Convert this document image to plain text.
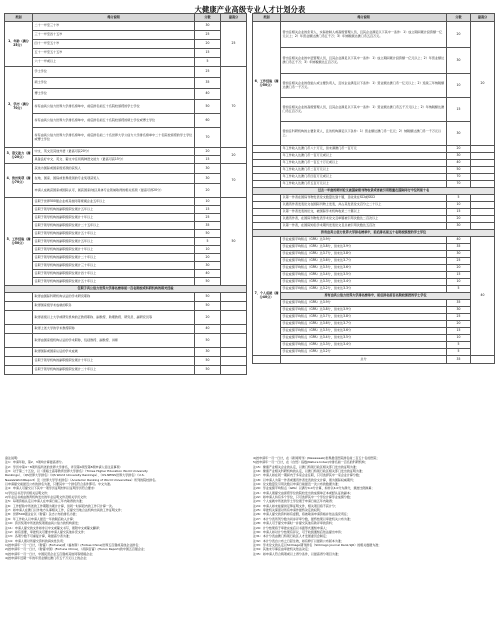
大健康产业高级专业人才计划分表
类别	得分说明	分数	最高分
1、年龄（满分25分）	二十一岁至三十岁	30	25
	三十一岁至四十五岁	25	
	四十一岁至五十岁	20	
	五十一岁至五十五岁	15	
	六十一岁或以上	5	
2、学历（满分70分）	学士学位	25	70
	硕士学位	35	
	博士学位	40	
	持有由具公信力世界大学排名榜单中，前后排名前五十名院校颁授的学士学位	50	
	持有由具公信力世界大学排名榜单中，前后排名前五十名院校颁授的硕士学位或博士学位	60	
	持有由具公信力世界大学排名榜单中，前后排名前二十名世界大学公信力大学排名榜单中二十名院校颁授的学士学位或博士学位	70	
3、语文能力（满分20分）	中文、英文及其他外语（最高可获20分）	20	20
	具备良好中文、英文、葡文中任何两种语文能力（最高可获15分）	15	
4、资历奖项（满分70分）	获选为国际或国家级奖项的获奖人	30	70
	在地、国家、国际或世界级别的专业奖项获奖人	30	
	申请人成就获国家或国际认可，属获国家/地区具体专业领域取得的相关奖项（最高可得20分）	20	
5、工作经验（满分50分）	任职于世界500强企业或其他同等规模企业五年以上	10	50
	任职于领导机构的副职级职位累计五年以上	15	
	任职于领导机构的副职级职位累计十年以上	25	
	任职于领导机构的副职级职位累计二十五年以上	35	
	任职于领导机构的副职级职位累计五十年以上	50	
	任职于领导机构的副职级职位累计五年以上	5	
	任职于领导机构的副职级职位累计十年以上	10	
	任职于领导机构的副职级职位累计二十年以上	20	
	任职于领导机构的副职级职位累计三十年以上	30	
	任职于领导机构的副职级职位累计四十年以上	40	
	任职于领导机构的副职级职位累计五十年以上	50	
任职于具公信力世界大学排名榜单前一百名院校或科研机构的相关经验			
	取得由国际科研机构认证的学术研究职称	50	
	取得国家级学术成就的职务	50	
	取得省级以上大学或研究机构的正教授职称、副教授、助理教授、研究员、副研究员等	20	
	取得上述大学的学术教授职称	40	
	取得由国家级机构认证的学术职称，包括教授、副教授、讲师	50	
	取得国际或国家认证的学术成就	30	
	任职于领导机构的副职级职位累计十年以上	50	
	任职于领导机构的副职级职位累计二十年以上	50	
类别	得分说明	分数	最高分
6、工作经验（满分50分）	曾出任相关企业的负责人，实际控制人或高级管理人员，且其企业满足以下其中一条件：1）成立期间累计投资额一亿元以上；2）年营业额达澳门币五千万；3）年纳税额达澳门币五百万元。	20	20
	曾出任相关企业的中层管理人员，且其企业满足以下其中一条件：1）成立期间累计投资额一亿元以上；2）年营业额达澳门币五千万；3）年纳税额达五百万元。	30	
	曾担任相关企业的创始人或主要负责人，且该企业满足以下条件：1）营业额达澳门币一亿元以上；2）连续三年纳税额达澳门币一千万元。	10	
	曾担任相关企业的高级管理人员，且其企业满足以下其中一条件：1）营业额达澳门币五千万元以上；2）年纳税额达澳门币五百万元。	15	
	曾担任科研机构的主要负责人，且该机构满足以下条件：1）营业额达澳门币一亿元；2）纳税额达澳门币一千万元以上。	30	
	年工作收入达澳门币八十万元，但未满澳门币一百万元	20	
	年工作收入达澳门币一百万元或以上	30	
	年工作收入达澳门币一百五十万元或以上	40	
	年工作收入达澳门币二百万元以上	50	
	年工作收入达澳门币四百万元或以上	70	
	年工作收入达澳门币五百万元以上	70	
过去一年度的期刊论文被国家级刊物收录或者被引用数量在国际同行中位列前十名			
	以第一作者在国际刊物发表论文数量达到十篇，且收录在SCI或SSCI	5	
	以通讯作者发表论文在国际刊物上发表，并占其发表论文百分之二十以上	10	
	以第一作者发表的论文，被国际学术机构收录二十篇以上	15	
	以通讯作者，在国际刊物发表学术论文且单篇被引用次数达二百次以上	20	
	以第一作者，在国际知名学术期刊发表论文且总被引用次数达五百次	30	
持有由具公信力世界大学排名榜单中，前后排名前五十名院校颁授的学士学位			
7、个人成就（满分40分）	学业成绩平均积点（GPA）达3.9分	40	40
	学业成绩平均积点（GPA）达3.8分，但未达3.9分	35	
	学业成绩平均积点（GPA）达3.7分，但未达3.8分	30	
	学业成绩平均积点（GPA）达3.6分，但未达3.7分	25	
	学业成绩平均积点（GPA）达3.5分，但未达3.6分	20	
	学业成绩平均积点（GPA）达3.4分，但未达3.5分	15	
	学业成绩平均积点（GPA）达3.3分，但未达3.4分	10	
	学业成绩平均积点（GPA）达3.2分，但未达3.3分	5	
	持有由具公信力世界大学排名榜单中，前后排名前百名院校颁授的学士学位		
	学业成绩平均积点（GPA）达3.9分	35	
	学业成绩平均积点（GPA）达3.8分，但未达3.9分	30	
	学业成绩平均积点（GPA）达3.7分，但未达3.8分	25	
	学业成绩平均积点（GPA）达3.6分，但未达3.7分	20	
	学业成绩平均积点（GPA）达3.5分，但未达3.6分	15	
	学业成绩平均积点（GPA）达3.4分，但未达3.5分	10	
	学业成绩平均积点（GPA）达3.3分，但未达3.4分	5	
	学业成绩平均积点（GPA）达3.2分	5	
	总分	35	
备注说明：
注1：申请年龄，第2、3项均计算最高得分。
注2：学历中第4～8项所指所述的世界大学排名，详见第4项至第8项申请人需注意事项：
注3：对于第二十五位，以《泰晤士高等教育世界大学排名》（Times Higher Education World University
Rankings）、《QS世界大学排名》（QS World University Rankings）、《US.NEWS世界大学排名》（U.S.
News&WorldReport）及《世界大学学术排名》（Academic Ranking of World Universities）所列的院校排名。
以申请提交前最近公布的排名为准，只要其中一个排名符合条件即可。中文为准。
注4：申请人可提交以下其中一项学历证明材料以证明学历符合要求：
1)学位证书及学历相关证明文件；
2)毕业证书或由教育机构发出的毕业证明文件及相关学历文件；
注5：每项资格认定以申请人在申请日前三年内取得的为准；
注6：工作经验中所述的工作期限为累计计算，但同一时间段内的工作只计算一次。
注7：如申请人在澳门以外地方从事相关工作，应提交当地合法机构出具的工作证明文件；
注8：世界500强企业以《财富》杂志公布的排名为准；
注9：年工作收入以申请人最近一年的税后收入计算；
注10：资历奖项中所述的奖项须由具公信力的机构颁发；
注11：申请人提交的文件如非以中文或葡文书写，须附中文或葡文翻译；
注12：如有需要，审批机关可要求申请人提交其他补充文件；
注13：各项分数不可重复计算，取最高分者为准；
注14：申请人须对所提交资料的真实性负责；
1)按申请年一月一日计，《财富》(Fortune)或《福布斯》(Forbes China)世界五百强或其他企业排名；
2)按申请年一月一日计，《财富中国》(Fortune China)、《胡润百富》(Hurun Report)的中国五百强企业；
3)按申请年一月一日计，中国民营企业五百强或其他同等规模企业；
4)按申请年近期一年的年营业额达澳门币五千万元以上的企业；
4)按申请年一月一日计，在《新闻周刊》(Newsweek)世界最佳医院排名前二百五十名的医院；
5)按申请年一月一日计，在《自然》指数(Nature Index)中排名前一百名的科研机构；
注15：健康产业相关企业的认定，以澳门特别行政区相关部门发出的证明为准；
注16：健康产业相关科研机构的认定，以澳门特别行政区相关部门发出的证明为准；
注17：申请人如在同一期间内于多家企业任职，只可选择其中一家企业计算分数；
注18：以申请人为第一作者或通讯作者发表的论文计算，须为国际权威期刊；
注19：论文数量及引用次数以申请日前最近一次公布的数据为准；
注20：学业成绩平均积点（GPA）以满分4.0分计算，如非以4.0分为满分，须按比例换算；
注21：申请人须提交由颁授学位的院校发出的成绩单正本或经认证的副本；
注22：如申请人持有多个学位，只可选择其中一个学位计算学业成绩分数；
注23：个人成就中所述的学士学位须于申请日前五年内取得；
注24：申请人如未能提供足够证明文件，相关项目将不获计分；
注25：审批机关保留对所有申请作最终决定的权利；
注26：申请人提交的资料如有虚假，将被取消申请资格并依法追究责任；
注27：本计分表所列分数为初步评审分数，最终结果以审批机关公布为准；
注28：申请人可于提交申请时一并提交其他有助评审的资料；
注29：计分结果将于审批完成后以书面形式通知申请人；
注30：申请人如对计分结果有异议，可于收到通知后依法提出申诉；
注31：本计分表由澳门特别行政区人才发展委员会制定；
注32：本计分表自公布之日起生效，如有修订以最新公布版本为准；
注33：学术论文的认定以SCImago期刊排名（SCImago Journal Rank,SJR）的相关数据为准；
注34：其他未尽事宜由审批机关依法决定；
注35：如申请人符合两项或以上得分条件，以最高得分项目为准；
